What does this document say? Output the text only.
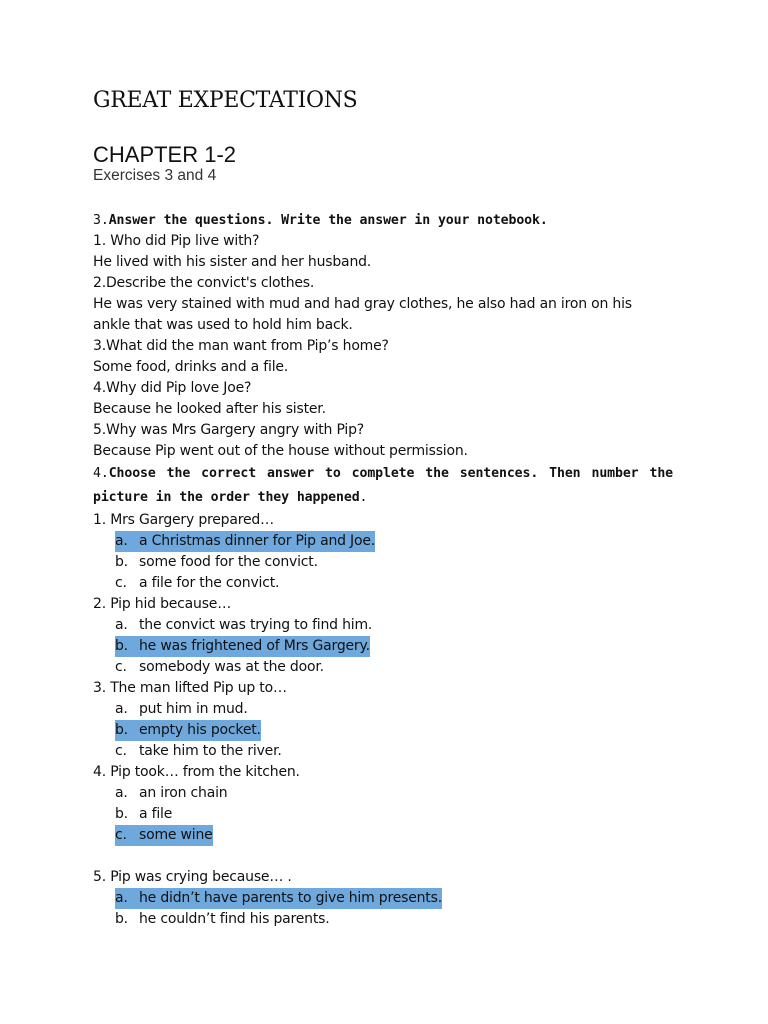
GREAT EXPECTATIONS
CHAPTER 1-2
Exercises 3 and 4
3.Answer the questions. Write the answer in your notebook.
1. Who did Pip live with?
He lived with his sister and her husband.
2.Describe the convict's clothes.
He was very stained with mud and had gray clothes, he also had an iron on his ankle that was used to hold him back.
3.What did the man want from Pip’s home?
Some food, drinks and a file.
4.Why did Pip love Joe?
Because he looked after his sister.
5.Why was Mrs Gargery angry with Pip?
Because Pip went out of the house without permission.
4.Choose the correct answer to complete the sentences. Then number the picture in the order they happened.
1. Mrs Gargery prepared…
a. a Christmas dinner for Pip and Joe.
b. some food for the convict.
c. a file for the convict.
2. Pip hid because…
a. the convict was trying to find him.
b. he was frightened of Mrs Gargery.
c. somebody was at the door.
3. The man lifted Pip up to…
a. put him in mud.
b. empty his pocket.
c. take him to the river.
4. Pip took… from the kitchen.
a. an iron chain
b. a file
c. some wine
5. Pip was crying because… .
a. he didn’t have parents to give him presents.
b. he couldn’t find his parents.
